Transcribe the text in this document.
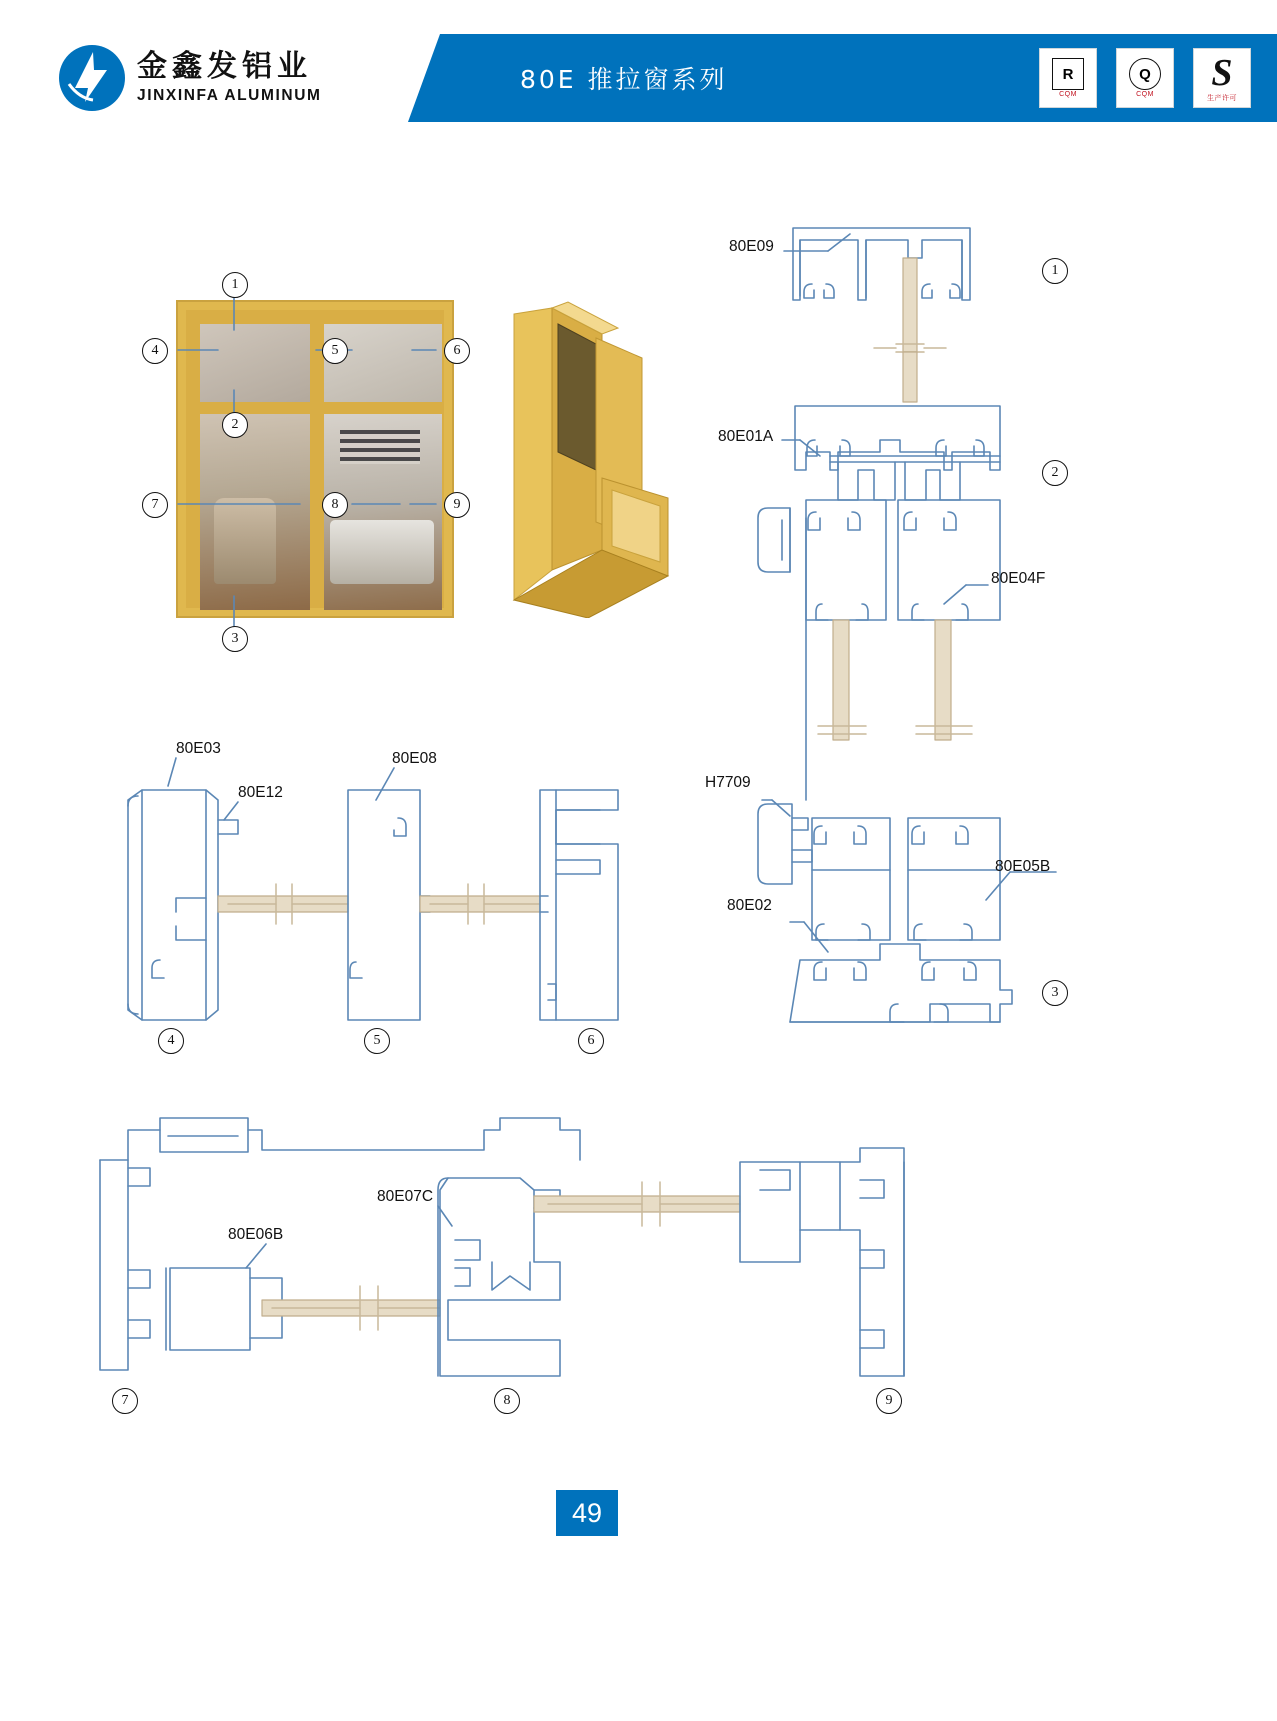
金鑫发铝业
JINXINFA ALUMINUM
80E 推拉窗系列
↘
R
CQM
Q
CQM
S
生产许可
1
4	5	6
2
7	8	9
3
1
2
3
4	5	6
7	8	9
80E09
80E01A
80E04F
H7709
80E05B
80E02
80E03
80E12
80E08
80E06B
80E07C
49
